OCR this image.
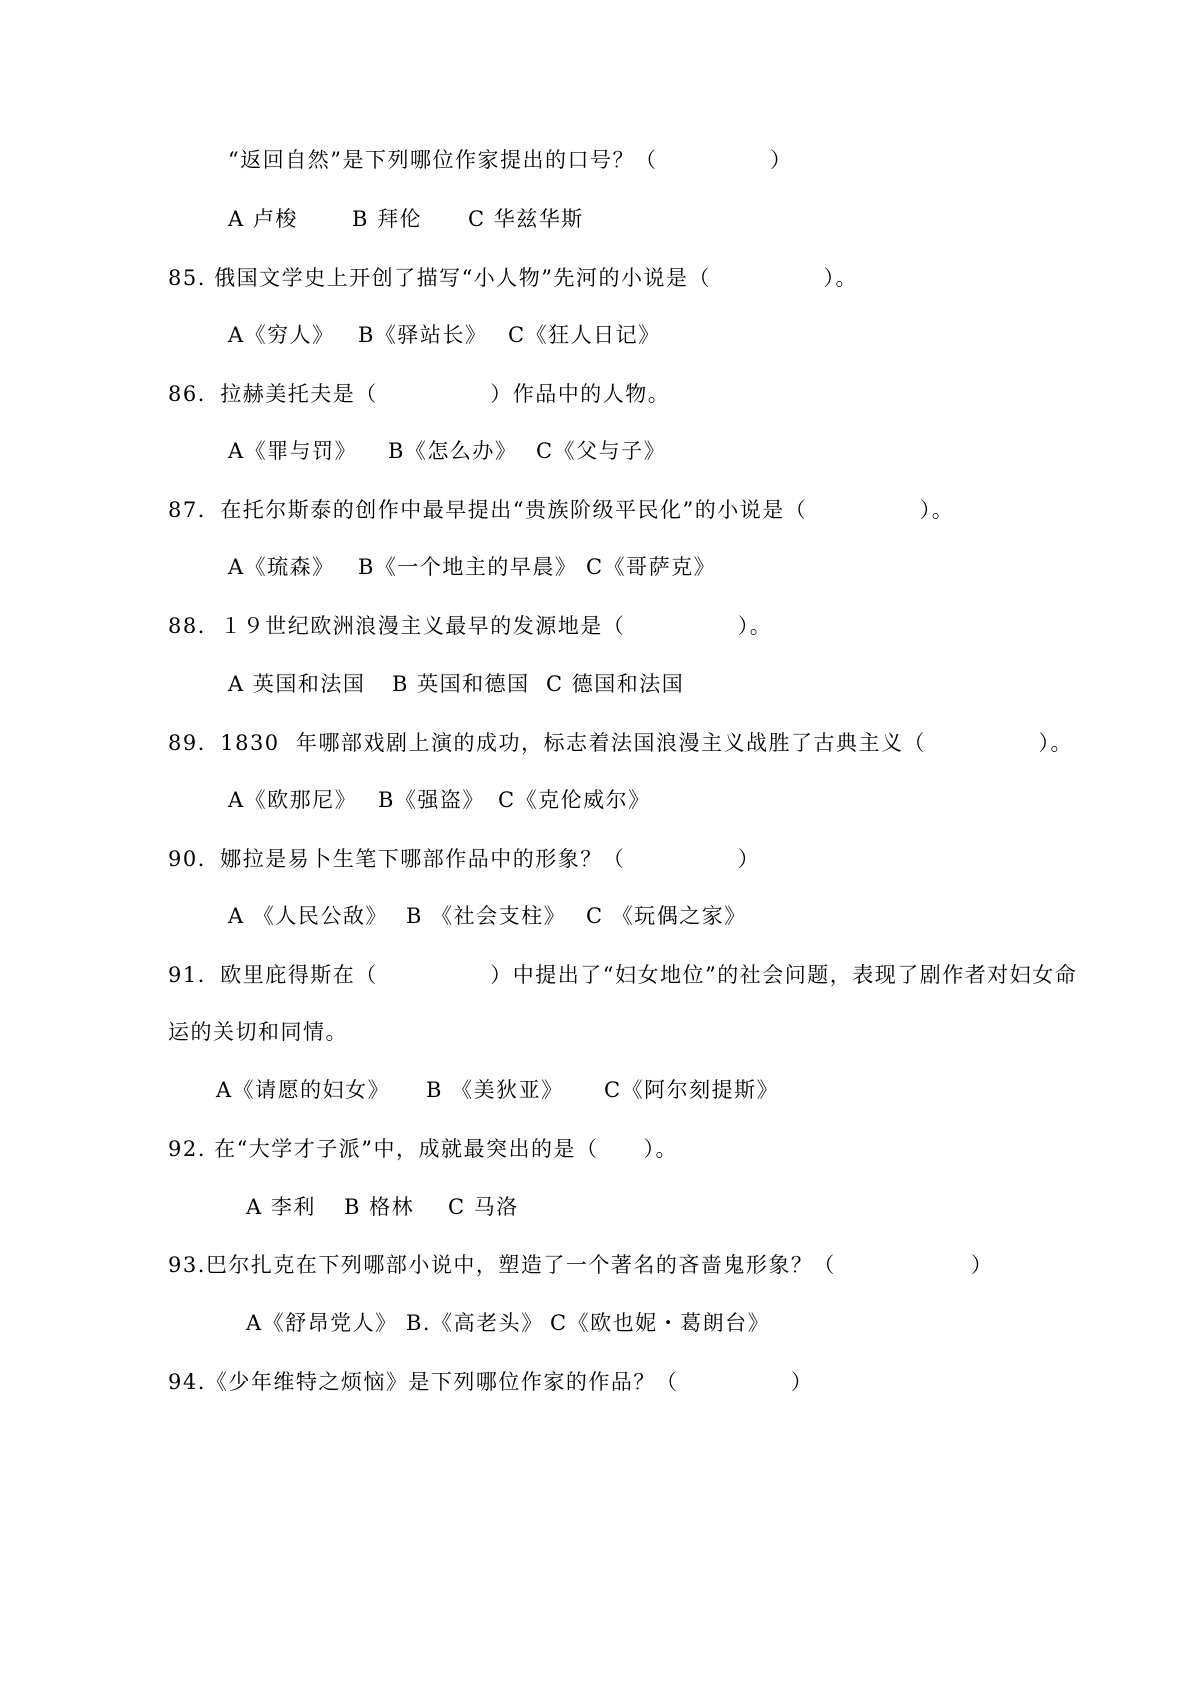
“返回自然”是下列哪位作家提出的口号？（　　　　　）
A 卢梭	B 拜伦 C 华兹华斯
85. 俄国文学史上开创了描写“小人物”先河的小说是（　　　　　）。
A《穷人》 B《驿站长》 C《狂人日记》
86．拉赫美托夫是（　　　　　）作品中的人物。
A《罪与罚》 B《怎么办》 C《父与子》
87．在托尔斯泰的创作中最早提出“贵族阶级平民化”的小说是（　　　　　）。
A《琉森》 B《一个地主的早晨》 C《哥萨克》
88．１９世纪欧洲浪漫主义最早的发源地是（　　　　　）。
A 英国和法国 B 英国和德国 C 德国和法国
89．1830  年哪部戏剧上演的成功，标志着法国浪漫主义战胜了古典主义（　　　　　）。
A《欧那尼》 B《强盗》 C《克伦威尔》
90．娜拉是易卜生笔下哪部作品中的形象？（　　　　　）
A 《人民公敌》 B 《社会支柱》 C 《玩偶之家》
91．欧里庇得斯在（　　　　　）中提出了“妇女地位”的社会问题，表现了剧作者对妇女命
运的关切和同情。
A《请愿的妇女》 B 《美狄亚》 C《阿尔刻提斯》
92. 在“大学才子派”中，成就最突出的是（　　）。
A 李利 B 格林 C 马洛
93.巴尔扎克在下列哪部小说中，塑造了一个著名的吝啬鬼形象？（　　　　　　）
A《舒昂党人》 B.《高老头》 C《欧也妮・葛朗台》
94.《少年维特之烦恼》是下列哪位作家的作品？（　　　　　）
